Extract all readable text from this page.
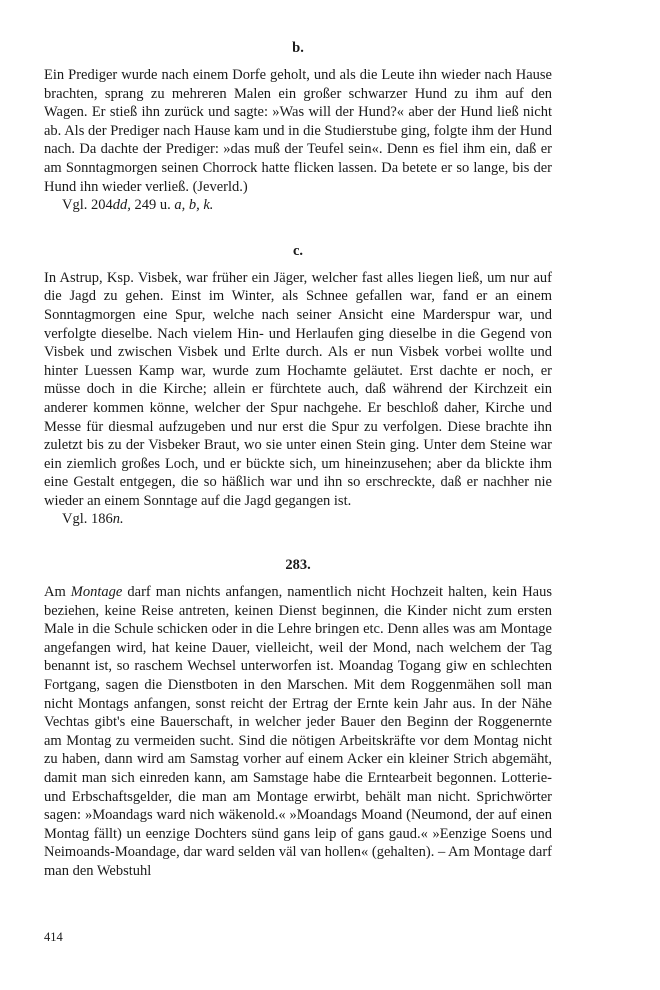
b.

Ein Prediger wurde nach einem Dorfe geholt, und als die Leute ihn wieder nach Hause brachten, sprang zu mehreren Malen ein großer schwarzer Hund zu ihm auf den Wagen. Er stieß ihn zurück und sagte: »Was will der Hund?« aber der Hund ließ nicht ab. Als der Prediger nach Hause kam und in die Studierstube ging, folgte ihm der Hund nach. Da dachte der Prediger: »das muß der Teufel sein«. Denn es fiel ihm ein, daß er am Sonntagmorgen seinen Chorrock hatte flicken lassen. Da betete er so lange, bis der Hund ihn wieder verließ. (Jeverld.)

Vgl. 204dd, 249 u. a, b, k.

c.

In Astrup, Ksp. Visbek, war früher ein Jäger, welcher fast alles liegen ließ, um nur auf die Jagd zu gehen. Einst im Winter, als Schnee gefallen war, fand er an einem Sonntagmorgen eine Spur, welche nach seiner Ansicht eine Marderspur war, und verfolgte dieselbe. Nach vielem Hin- und Herlaufen ging dieselbe in die Gegend von Visbek und zwischen Visbek und Erlte durch. Als er nun Visbek vorbei wollte und hinter Luessen Kamp war, wurde zum Hochamte geläutet. Erst dachte er noch, er müsse doch in die Kirche; allein er fürchtete auch, daß während der Kirchzeit ein anderer kommen könne, welcher der Spur nachgehe. Er beschloß daher, Kirche und Messe für diesmal aufzugeben und nur erst die Spur zu verfolgen. Diese brachte ihn zuletzt bis zu der Visbeker Braut, wo sie unter einen Stein ging. Unter dem Steine war ein ziemlich großes Loch, und er bückte sich, um hineinzusehen; aber da blickte ihm eine Gestalt entgegen, die so häßlich war und ihn so erschreckte, daß er nachher nie wieder an einem Sonntage auf die Jagd gegangen ist.

Vgl. 186n.

283.

Am Montage darf man nichts anfangen, namentlich nicht Hochzeit halten, kein Haus beziehen, keine Reise antreten, keinen Dienst beginnen, die Kinder nicht zum ersten Male in die Schule schicken oder in die Lehre bringen etc. Denn alles was am Montage angefangen wird, hat keine Dauer, vielleicht, weil der Mond, nach welchem der Tag benannt ist, so raschem Wechsel unterworfen ist. Moandag Togang giw en schlechten Fortgang, sagen die Dienstboten in den Marschen. Mit dem Roggenmähen soll man nicht Montags anfangen, sonst reicht der Ertrag der Ernte kein Jahr aus. In der Nähe Vechtas gibt's eine Bauerschaft, in welcher jeder Bauer den Beginn der Roggenernte am Montag zu vermeiden sucht. Sind die nötigen Arbeitskräfte vor dem Montag nicht zu haben, dann wird am Samstag vorher auf einem Acker ein kleiner Strich abgemäht, damit man sich einreden kann, am Samstage habe die Erntearbeit begonnen. Lotterie- und Erbschaftsgelder, die man am Montage erwirbt, behält man nicht. Sprichwörter sagen: »Moandags ward nich wäkenold.« »Moandags Moand (Neumond, der auf einen Montag fällt) un eenzige Dochters sünd gans leip of gans gaud.« »Eenzige Soens und Neimoands-Moandage, dar ward selden väl van hollen« (gehalten). – Am Montage darf man den Webstuhl

414
